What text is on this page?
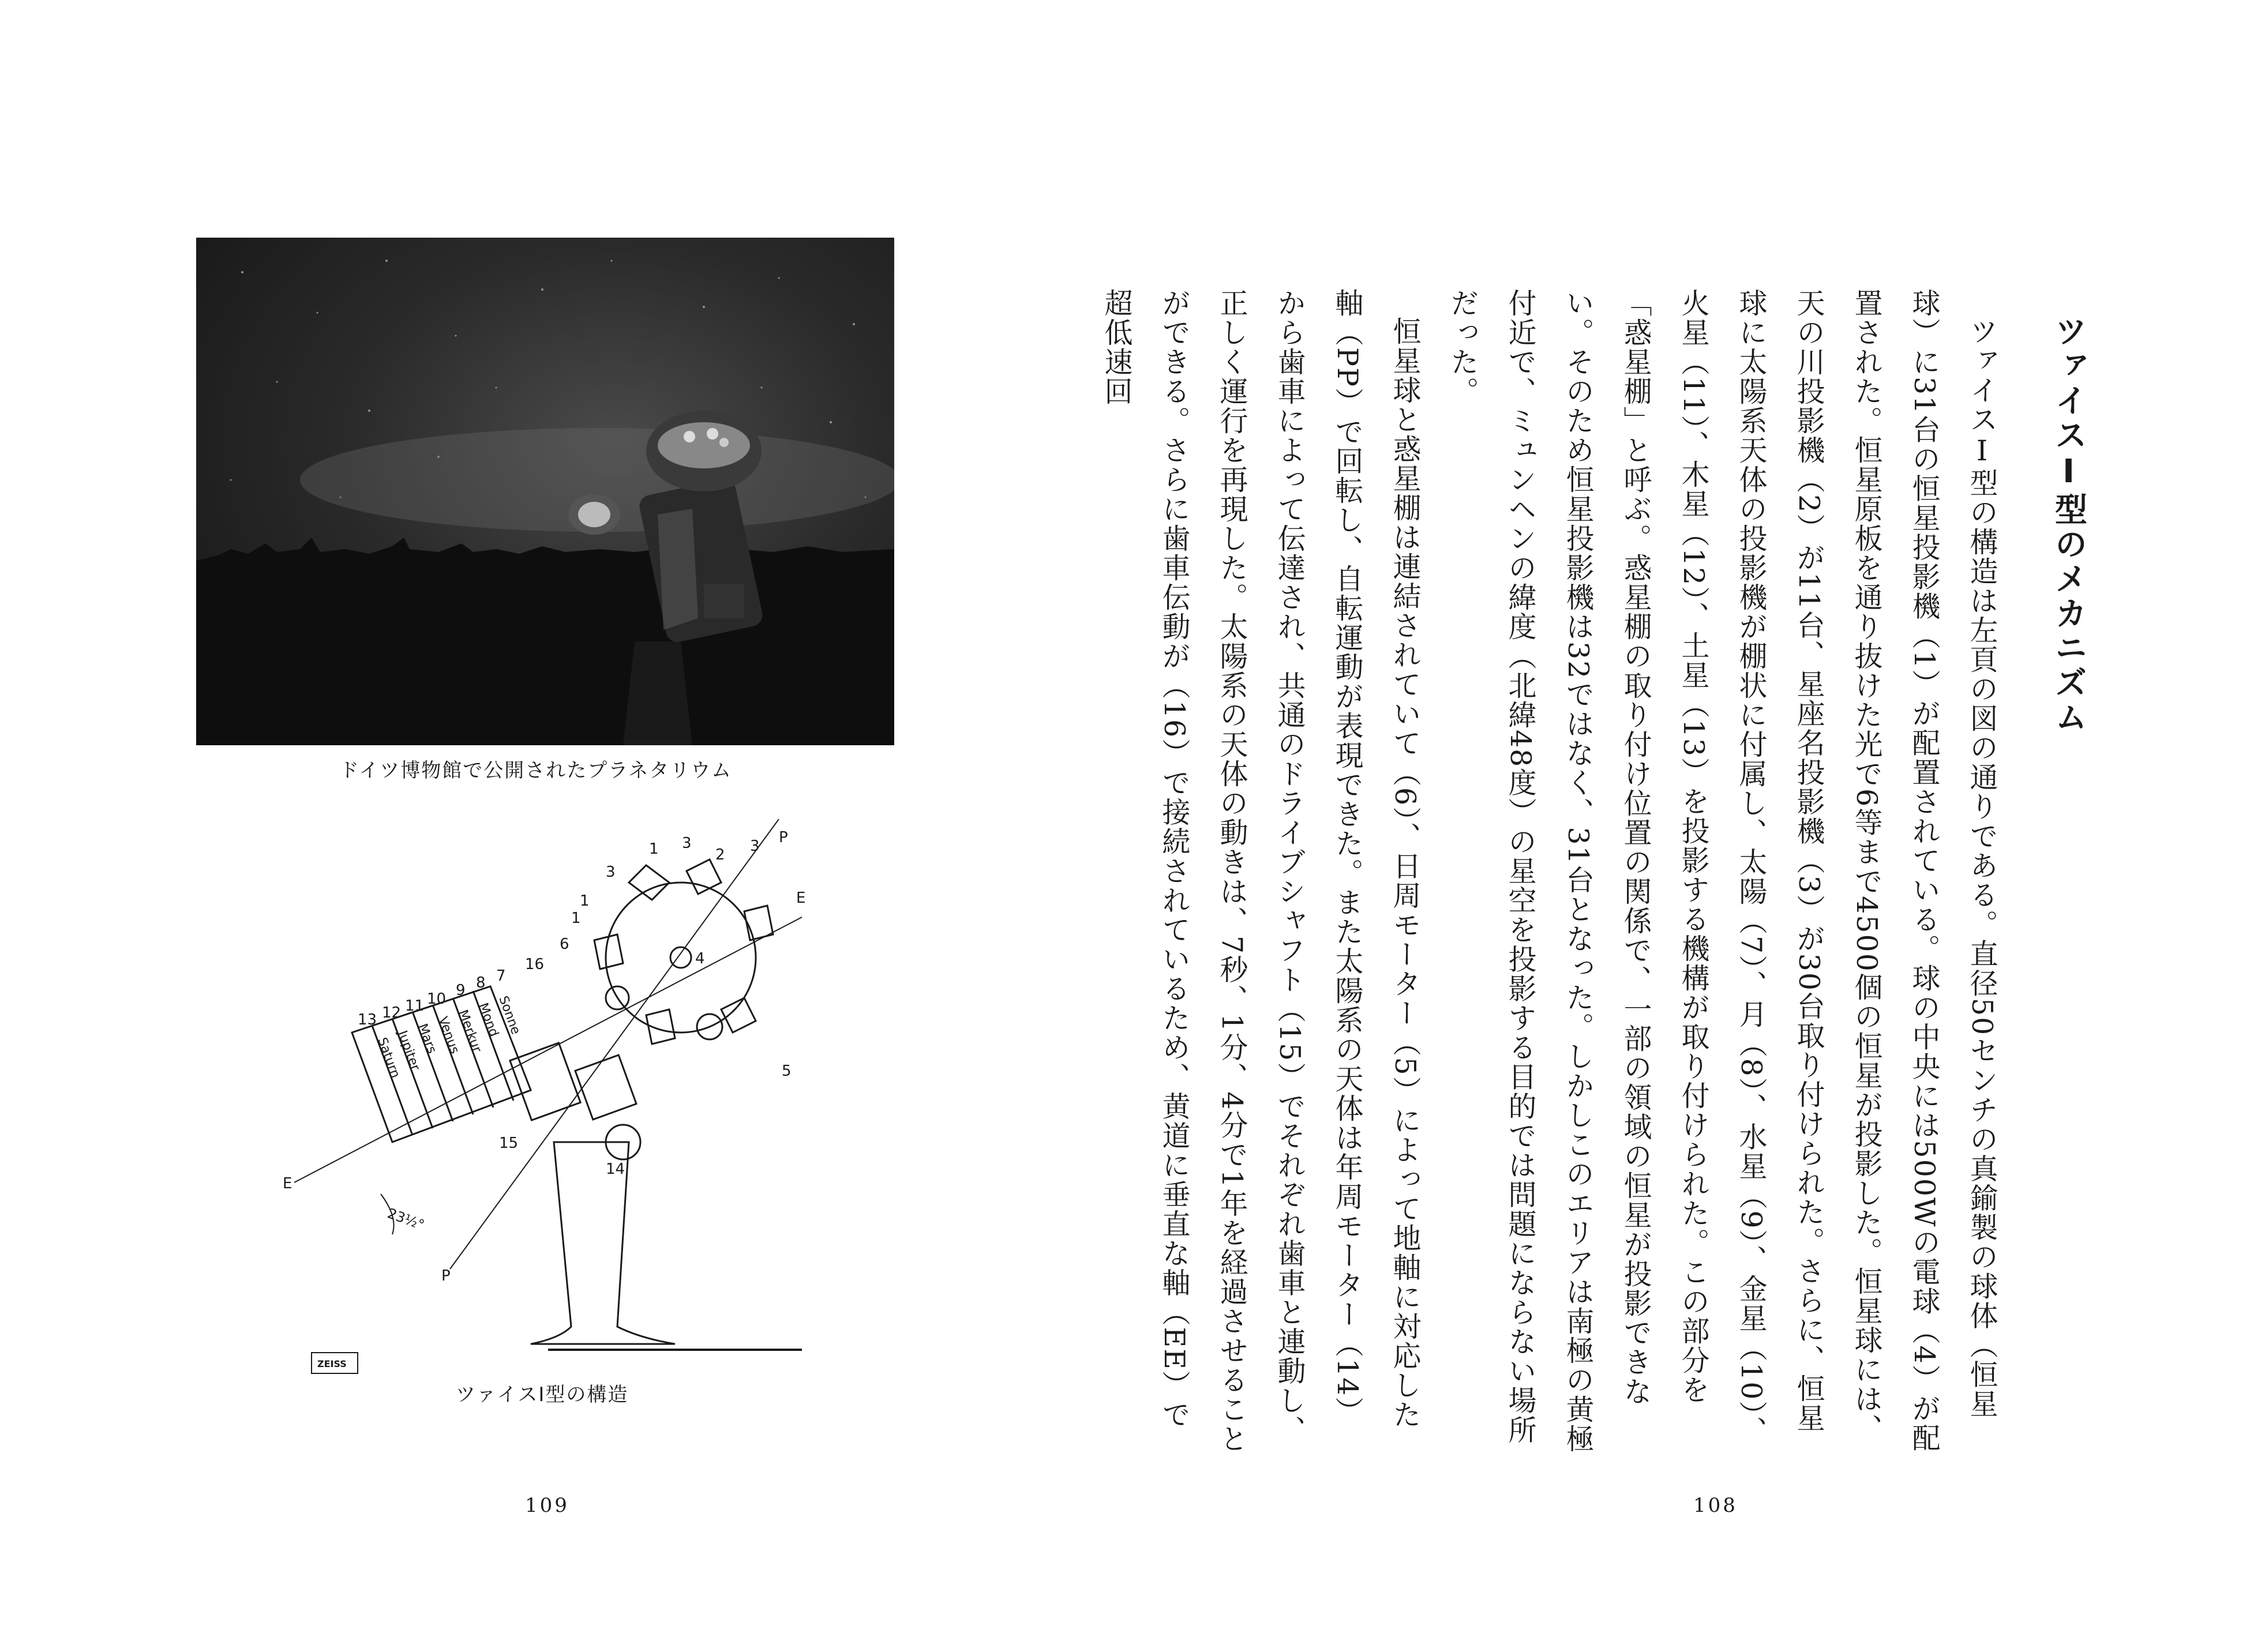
ドイツ博物館で公開されたプラネタリウム
1 3
2
P
3
E
1
3
16
6
4
1
7
8
9
10
11
12
13	Sonne
Mond
Merkur
Venus
Mars
Jupiter
Saturn
15
14
5
E
23½°
P
ZEISS
ツァイスⅠ型の構造
109
ツァイスⅠ型のメカニズム

ツァイスⅠ型の構造は左頁の図の通りである。直径50センチの真鍮製の球体（恒星球）に31台の恒星投影機（1）が配置されている。球の中央には500Wの電球（4）が配置された。恒星原板を通り抜けた光で6等まで4500個の恒星が投影した。恒星球には、天の川投影機（2）が11台、星座名投影機（3）が30台取り付けられた。さらに、恒星球に太陽系天体の投影機が棚状に付属し、太陽（7）、月（8）、水星（9）、金星（10）、火星（11）、木星（12）、土星（13）を投影する機構が取り付けられた。この部分を「惑星棚」と呼ぶ。惑星棚の取り付け位置の関係で、一部の領域の恒星が投影できない。そのため恒星投影機は32ではなく、31台となった。しかしこのエリアは南極の黄極付近で、ミュンヘンの緯度（北緯48度）の星空を投影する目的では問題にならない場所だった。

恒星球と惑星棚は連結されていて（6）、日周モーター（5）によって地軸に対応した軸（PP）で回転し、自転運動が表現できた。また太陽系の天体は年周モーター（14）から歯車によって伝達され、共通のドライブシャフト（15）でそれぞれ歯車と連動し、正しく運行を再現した。太陽系の天体の動きは、7秒、1分、4分で1年を経過させることができる。さらに歯車伝動が（16）で接続されているため、黄道に垂直な軸（EE）で超低速回

108
